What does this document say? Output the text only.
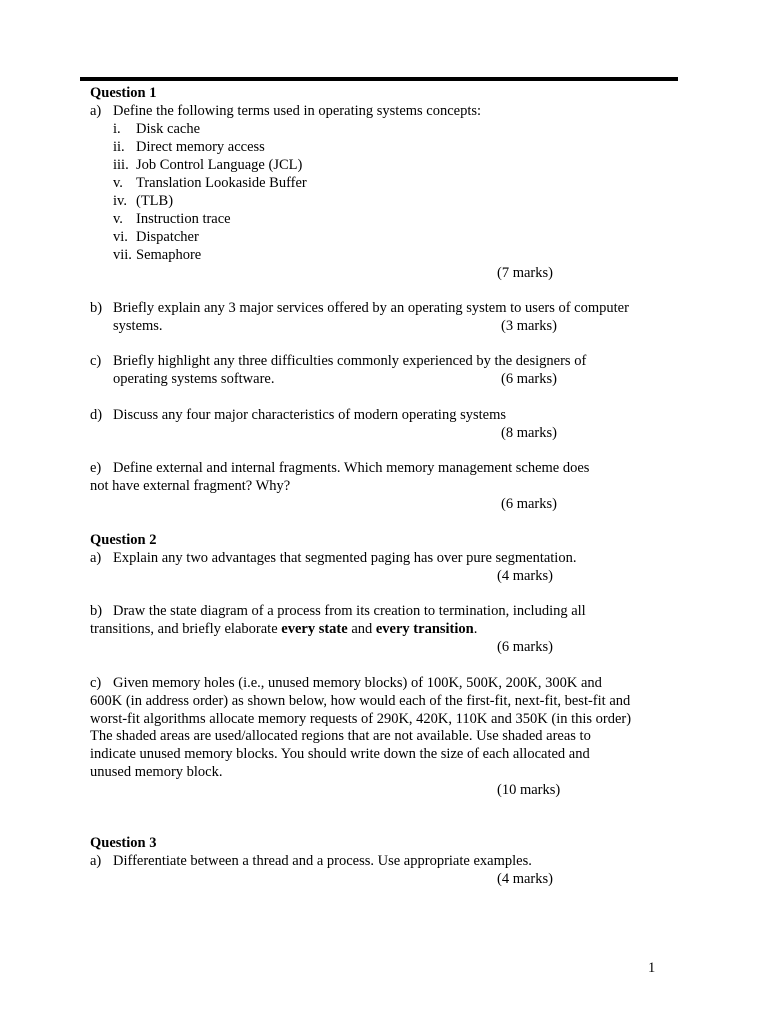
Question 1
a) Define the following terms used in operating systems concepts:
i. Disk cache
ii. Direct memory access
iii. Job Control Language (JCL)
v. Translation Lookaside Buffer
iv. (TLB)
v. Instruction trace
vi. Dispatcher
vii. Semaphore
(7 marks)
b) Briefly explain any 3 major services offered by an operating system to users of computer
systems.	(3 marks)
c) Briefly highlight any three difficulties commonly experienced by the designers of
operating systems software.	(6 marks)
d) Discuss any four major characteristics of modern operating systems
(8 marks)
e) Define external and internal fragments. Which memory management scheme does
not have external fragment? Why?
(6 marks)
Question 2
a) Explain any two advantages that segmented paging has over pure segmentation.
(4 marks)
b) Draw the state diagram of a process from its creation to termination, including all
transitions, and briefly elaborate every state and every transition.
(6 marks)
c) Given memory holes (i.e., unused memory blocks) of 100K, 500K, 200K, 300K and
600K (in address order) as shown below, how would each of the first-fit, next-fit, best-fit and
worst-fit algorithms allocate memory requests of 290K, 420K, 110K and 350K (in this order)
The shaded areas are used/allocated regions that are not available. Use shaded areas to
indicate unused memory blocks. You should write down the size of each allocated and
unused memory block.
(10 marks)
Question 3
a) Differentiate between a thread and a process. Use appropriate examples.
(4 marks)
1
